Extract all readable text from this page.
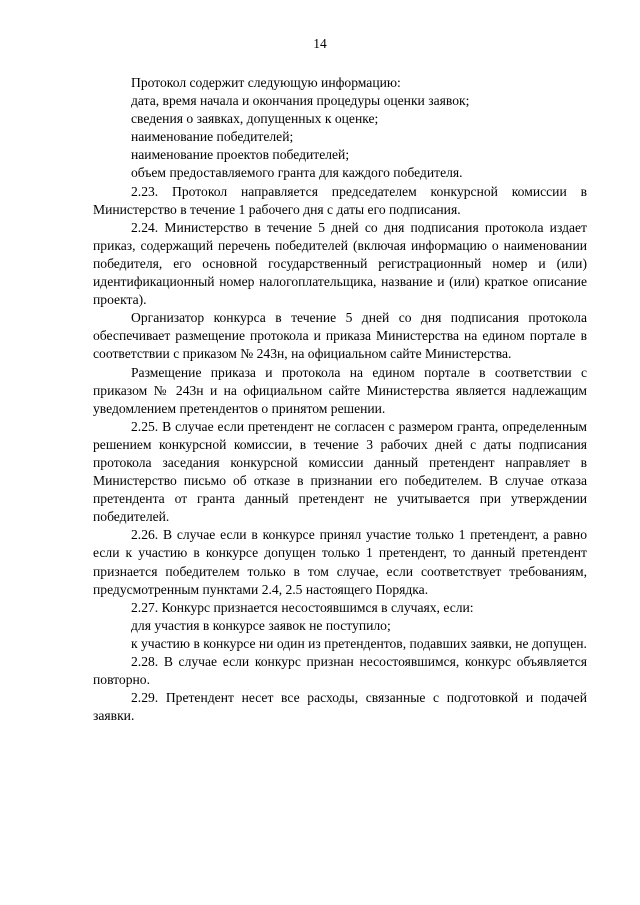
14

Протокол содержит следующую информацию:

дата, время начала и окончания процедуры оценки заявок;

сведения о заявках, допущенных к оценке;

наименование победителей;

наименование проектов победителей;

объем предоставляемого гранта для каждого победителя.

2.23. Протокол направляется председателем конкурсной комиссии в Министерство в течение 1 рабочего дня с даты его подписания.

2.24. Министерство в течение 5 дней со дня подписания протокола издает приказ, содержащий перечень победителей (включая информацию о наименовании победителя, его основной государственный регистрационный номер и (или) идентификационный номер налогоплательщика, название и (или) краткое описание проекта).

Организатор конкурса в течение 5 дней со дня подписания протокола обеспечивает размещение протокола и приказа Министерства на едином портале в соответствии с приказом № 243н, на официальном сайте Министерства.

Размещение приказа и протокола на едином портале в соответствии с приказом № 243н и на официальном сайте Министерства является надлежащим уведомлением претендентов о принятом решении.

2.25. В случае если претендент не согласен с размером гранта, определенным решением конкурсной комиссии, в течение 3 рабочих дней с даты подписания протокола заседания конкурсной комиссии данный претендент направляет в Министерство письмо об отказе в признании его победителем. В случае отказа претендента от гранта данный претендент не учитывается при утверждении победителей.

2.26. В случае если в конкурсе принял участие только 1 претендент, а равно если к участию в конкурсе допущен только 1 претендент, то данный претендент признается победителем только в том случае, если соответствует требованиям, предусмотренным пунктами 2.4, 2.5 настоящего Порядка.

2.27. Конкурс признается несостоявшимся в случаях, если:

для участия в конкурсе заявок не поступило;

к участию в конкурсе ни один из претендентов, подавших заявки, не допущен.

2.28. В случае если конкурс признан несостоявшимся, конкурс объявляется повторно.

2.29. Претендент несет все расходы, связанные с подготовкой и подачей заявки.
